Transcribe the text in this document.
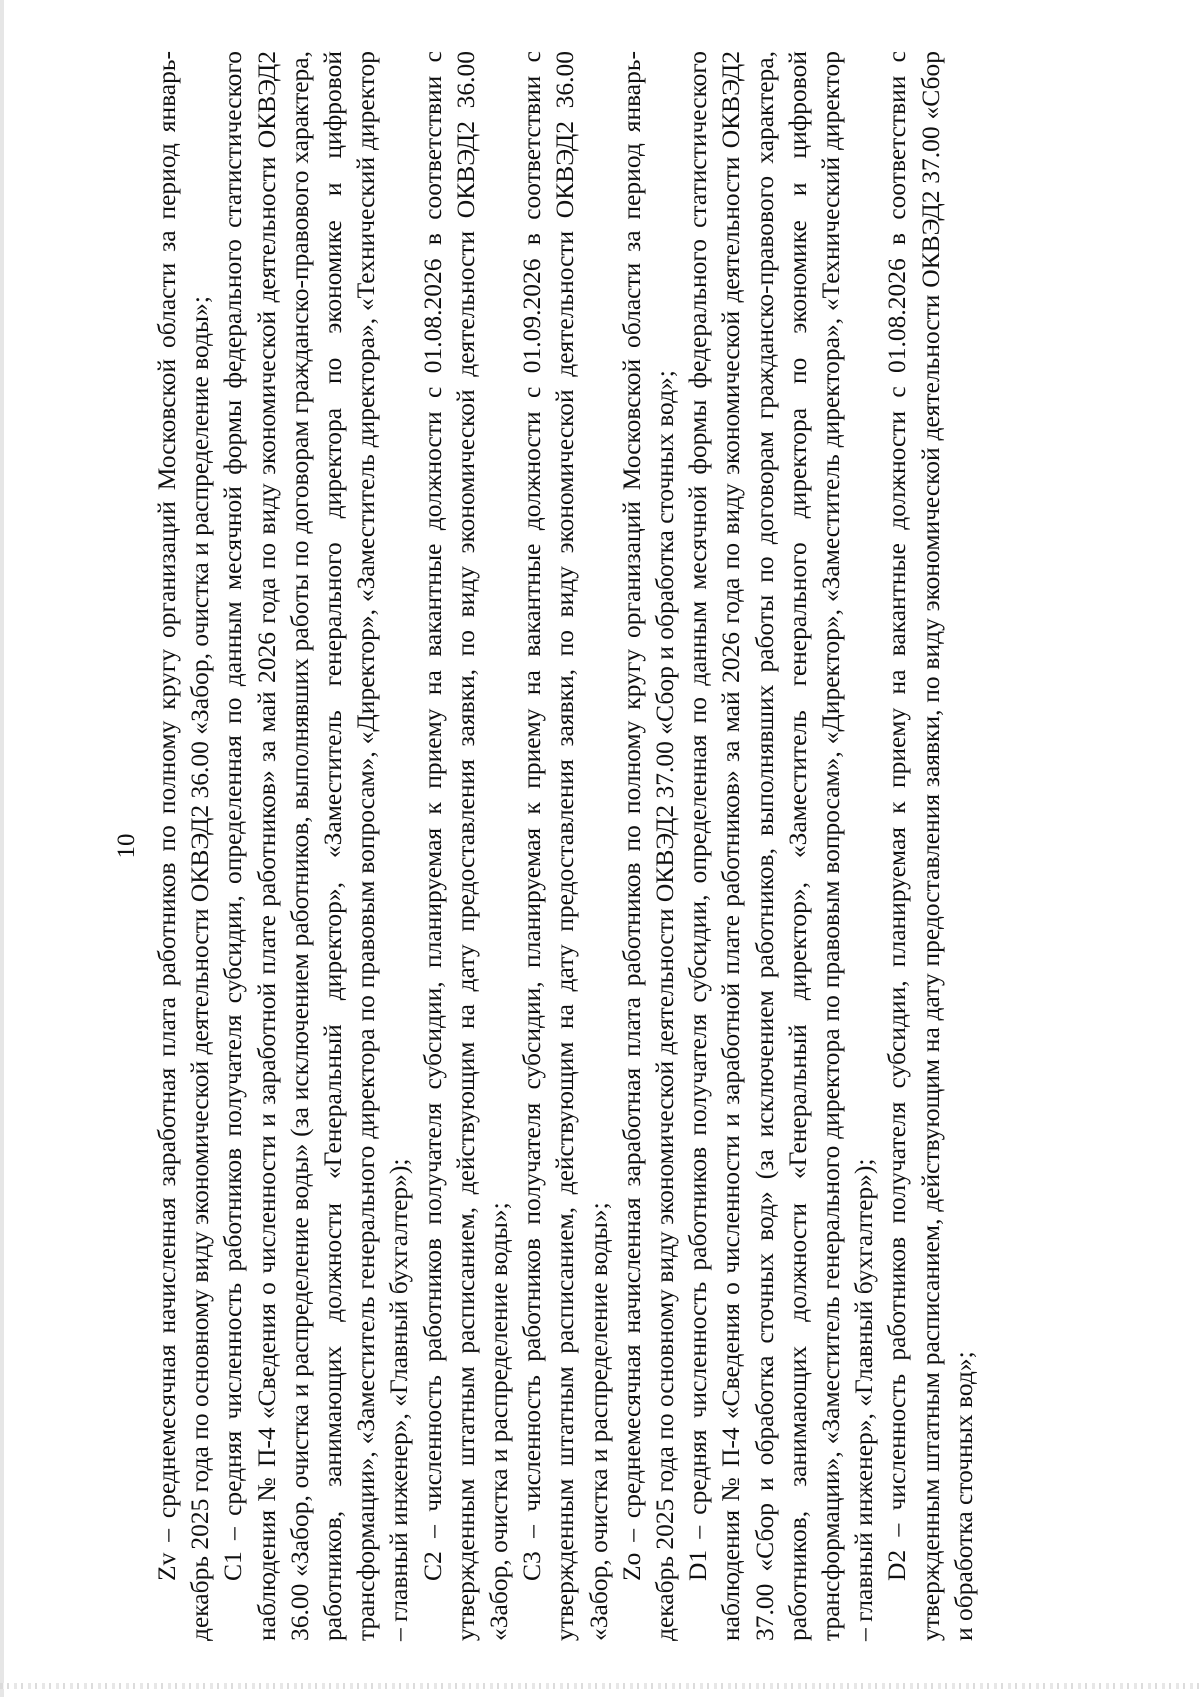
10 Zv – среднемесячная начисленная заработная плата работников по полному кругу организаций Московской области за период январь-декабрь 2025 года по основному виду экономической деятельности ОКВЭД2 36.00 «Забор, очистка и распределение воды»; С1 – средняя численность работников получателя субсидии, определенная по данным месячной формы федерального статистического наблюдения № П-4 «Сведения о численности и заработной плате работников» за май 2026 года по виду экономической деятельности ОКВЭД2 36.00 «Забор, очистка и распределение воды» (за исключением работников, выполнявших работы по договорам гражданско-правового характера, работников, занимающих должности «Генеральный директор», «Заместитель генерального директора по экономике и цифровой трансформации», «Заместитель генерального директора по правовым вопросам», «Директор», «Заместитель директора», «Технический директор – главный инженер», «Главный бухгалтер»); С2 – численность работников получателя субсидии, планируемая к приему на вакантные должности с 01.08.2026 в соответствии с утвержденным штатным расписанием, действующим на дату предоставления заявки, по виду экономической деятельности ОКВЭД2 36.00 «Забор, очистка и распределение воды»; С3 – численность работников получателя субсидии, планируемая к приему на вакантные должности с 01.09.2026 в соответствии с утвержденным штатным расписанием, действующим на дату предоставления заявки, по виду экономической деятельности ОКВЭД2 36.00 «Забор, очистка и распределение воды»; Zo – среднемесячная начисленная заработная плата работников по полному кругу организаций Московской области за период январь-декабрь 2025 года по основному виду экономической деятельности ОКВЭД2 37.00 «Сбор и обработка сточных вод»; D1 – средняя численность работников получателя субсидии, определенная по данным месячной формы федерального статистического наблюдения № П-4 «Сведения о численности и заработной плате работников» за май 2026 года по виду экономической деятельности ОКВЭД2 37.00 «Сбор и обработка сточных вод» (за исключением работников, выполнявших работы по договорам гражданско-правового характера, работников, занимающих должности «Генеральный директор», «Заместитель генерального директора по экономике и цифровой трансформации», «Заместитель генерального директора по правовым вопросам», «Директор», «Заместитель директора», «Технический директор – главный инженер», «Главный бухгалтер»); D2 – численность работников получателя субсидии, планируемая к приему на вакантные должности с 01.08.2026 в соответствии с утвержденным штатным расписанием, действующим на дату предоставления заявки, по виду экономической деятельности ОКВЭД2 37.00 «Сбор и обработка сточных вод»;
